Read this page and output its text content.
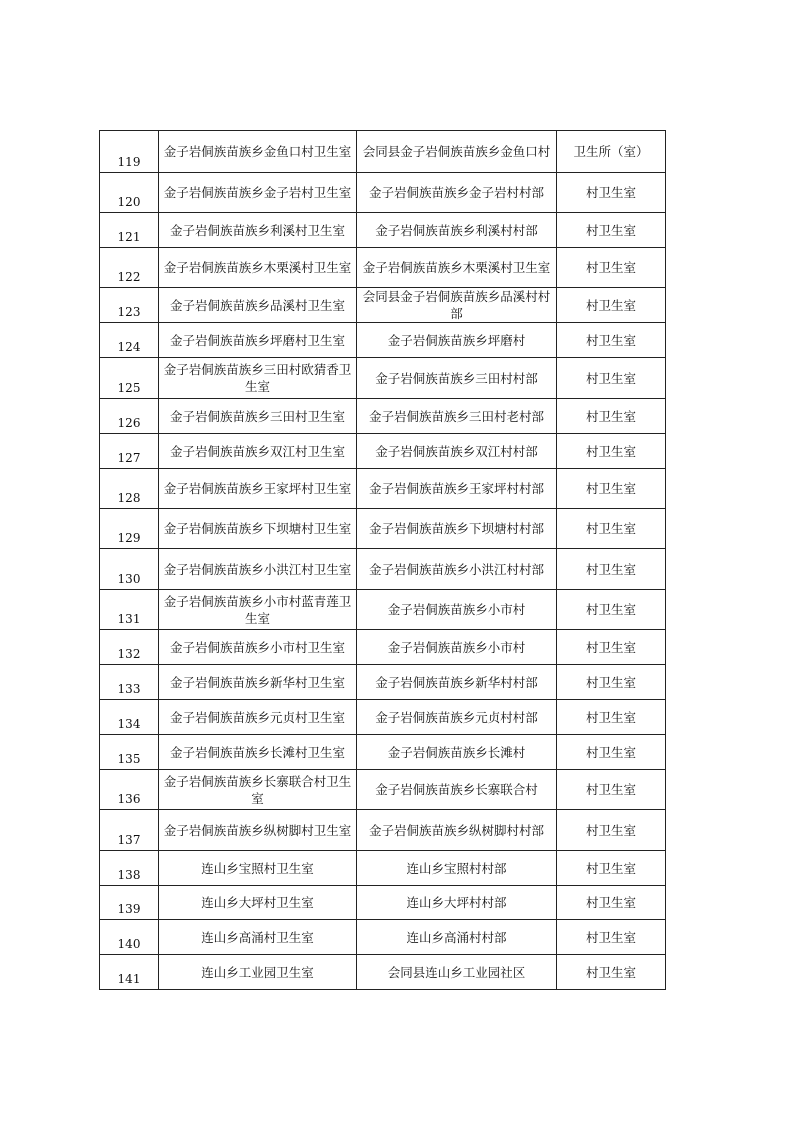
119	金子岩侗族苗族乡金鱼口村卫生室	会同县金子岩侗族苗族乡金鱼口村	卫生所（室）
120	金子岩侗族苗族乡金子岩村卫生室	金子岩侗族苗族乡金子岩村村部	村卫生室
121	金子岩侗族苗族乡利溪村卫生室	金子岩侗族苗族乡利溪村村部	村卫生室
122	金子岩侗族苗族乡木栗溪村卫生室	金子岩侗族苗族乡木栗溪村卫生室	村卫生室
123	金子岩侗族苗族乡品溪村卫生室	会同县金子岩侗族苗族乡品溪村村部	村卫生室
124	金子岩侗族苗族乡坪磨村卫生室	金子岩侗族苗族乡坪磨村	村卫生室
125	金子岩侗族苗族乡三田村欧猜香卫生室	金子岩侗族苗族乡三田村村部	村卫生室
126	金子岩侗族苗族乡三田村卫生室	金子岩侗族苗族乡三田村老村部	村卫生室
127	金子岩侗族苗族乡双江村卫生室	金子岩侗族苗族乡双江村村部	村卫生室
128	金子岩侗族苗族乡王家坪村卫生室	金子岩侗族苗族乡王家坪村村部	村卫生室
129	金子岩侗族苗族乡下坝塘村卫生室	金子岩侗族苗族乡下坝塘村村部	村卫生室
130	金子岩侗族苗族乡小洪江村卫生室	金子岩侗族苗族乡小洪江村村部	村卫生室
131	金子岩侗族苗族乡小市村蓝青莲卫生室	金子岩侗族苗族乡小市村	村卫生室
132	金子岩侗族苗族乡小市村卫生室	金子岩侗族苗族乡小市村	村卫生室
133	金子岩侗族苗族乡新华村卫生室	金子岩侗族苗族乡新华村村部	村卫生室
134	金子岩侗族苗族乡元贞村卫生室	金子岩侗族苗族乡元贞村村部	村卫生室
135	金子岩侗族苗族乡长滩村卫生室	金子岩侗族苗族乡长滩村	村卫生室
136	金子岩侗族苗族乡长寨联合村卫生室	金子岩侗族苗族乡长寨联合村	村卫生室
137	金子岩侗族苗族乡纵树脚村卫生室	金子岩侗族苗族乡纵树脚村村部	村卫生室
138	连山乡宝照村卫生室	连山乡宝照村村部	村卫生室
139	连山乡大坪村卫生室	连山乡大坪村村部	村卫生室
140	连山乡高涌村卫生室	连山乡高涌村村部	村卫生室
141	连山乡工业园卫生室	会同县连山乡工业园社区	村卫生室
